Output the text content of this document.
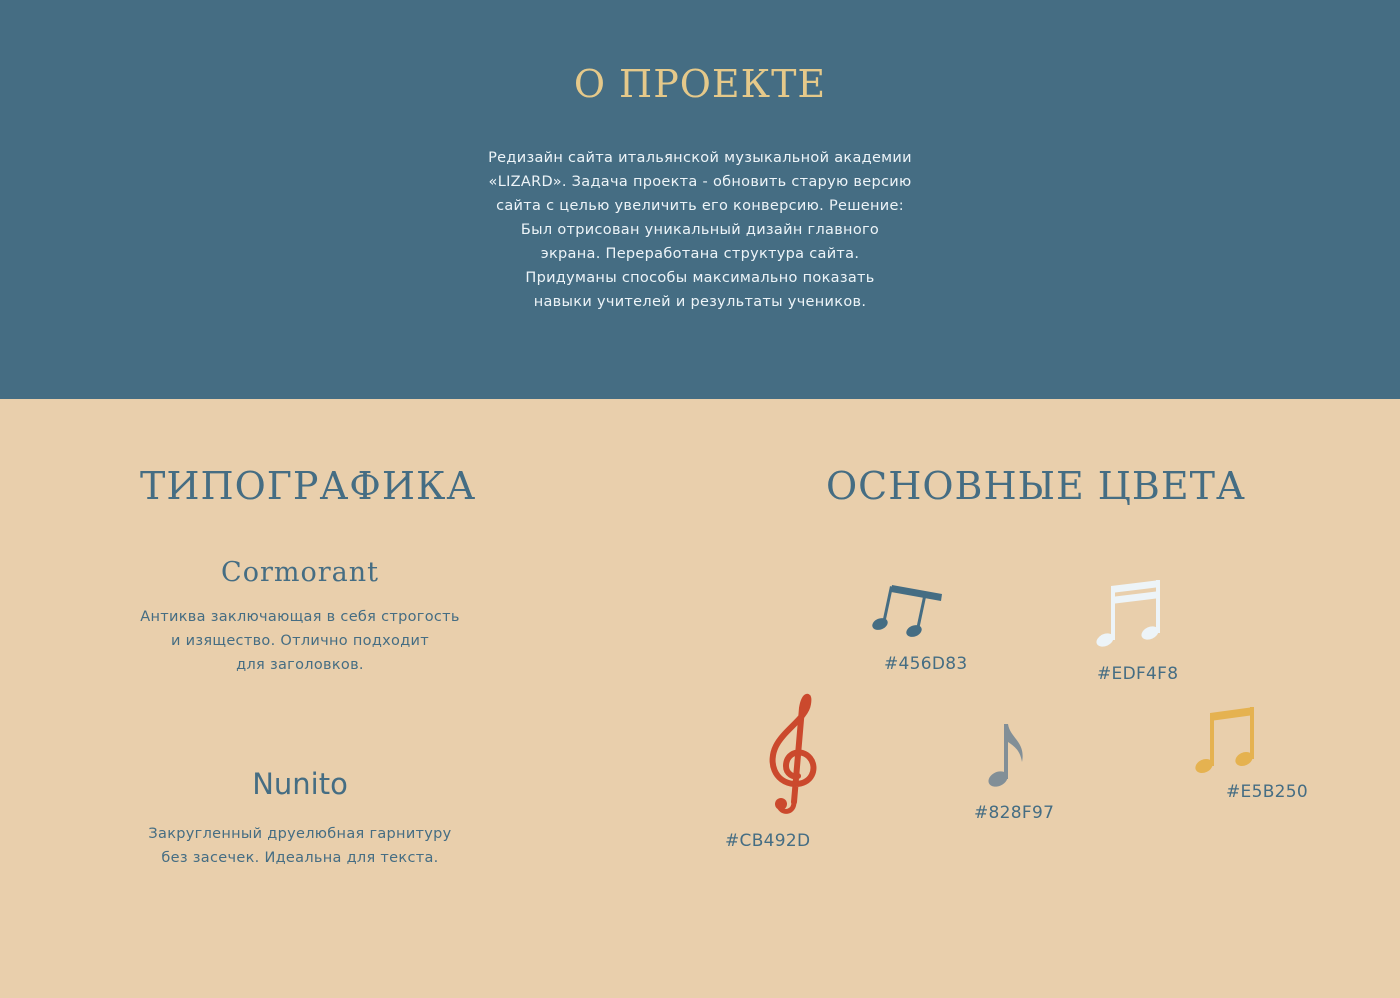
О ПРОЕКТЕ
Редизайн сайта итальянской музыкальной академии
«LIZARD». Задача проекта - обновить старую версию
сайта с целью увеличить его конверсию. Решение:
Был отрисован уникальный дизайн главного
экрана. Переработана структура сайта.
Придуманы способы максимально показать
навыки учителей и результаты учеников.
ТИПОГРАФИКА
Cormorant
Антиква заключающая в себя строгость
и изящество. Отлично подходит
для заголовков.
Nunito
Закругленный друелюбная гарнитуру
без засечек. Идеальна для текста.
ОСНОВНЫЕ ЦВЕТА
#456D83	#EDF4F8
#CB492D
#828F97
#E5B250
